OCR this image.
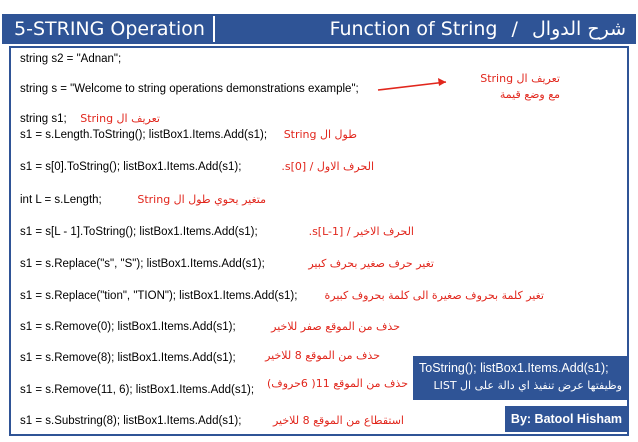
5-STRING Operation	Function of String / شرح الدوال
string s2 = "Adnan";
string s = "Welcome to string operations demonstrations example";
string s1;
s1 = s.Length.ToString(); listBox1.Items.Add(s1);
s1 = s[0].ToString(); listBox1.Items.Add(s1);
int L = s.Length;
s1 = s[L - 1].ToString(); listBox1.Items.Add(s1);
s1 = s.Replace("s", "S"); listBox1.Items.Add(s1);
s1 = s.Replace("tion", "TION"); listBox1.Items.Add(s1);
s1 = s.Remove(0); listBox1.Items.Add(s1);
s1 = s.Remove(8); listBox1.Items.Add(s1);
s1 = s.Remove(11, 6); listBox1.Items.Add(s1);
s1 = s.Substring(8); listBox1.Items.Add(s1);
تعريف ال String
مع وضع قيمة
تعريف ال String
طول ال String
الحرف الاول / s[0].
متغير يحوي طول ال String
الحرف الاخير / s[L-1].
تغير حرف صغير بحرف كبير
تغير كلمة بحروف صغيرة الى كلمة بحروف كبيرة
حذف من الموقع صفر للاخير
حذف من الموقع 8 للاخير
حذف من الموقع 11( 6حروف)
استقطاع من الموقع 8 للاخير
ToString(); listBox1.Items.Add(s1);
وظيفتها عرض تنفيذ اي دالة على ال LIST
By: Batool Hisham
